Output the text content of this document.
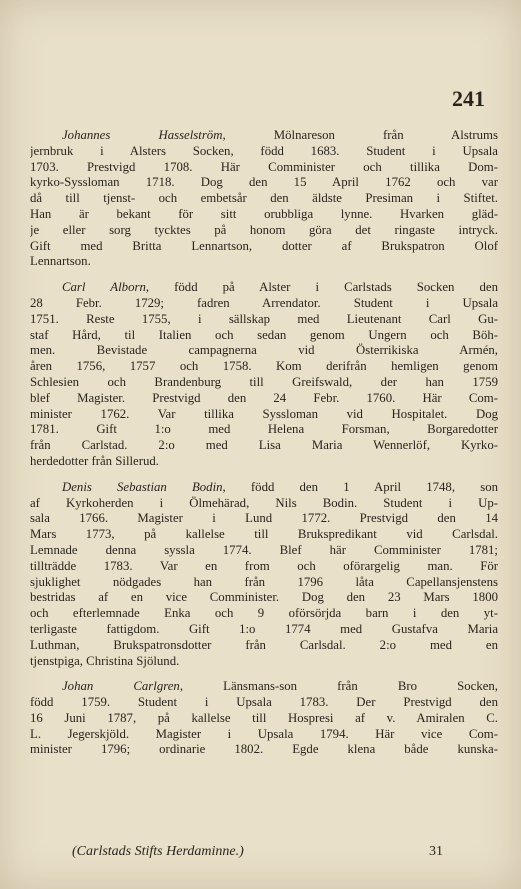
241
Johannes Hasselström, Mölnareson från Alstrums
jernbruk i Alsters Socken, född 1683. Student i Upsala
1703. Prestvigd 1708. Här Comminister och tillika Dom-
kyrko-Syssloman 1718. Dog den 15 April 1762 och var
då till tjenst- och embetsår den äldste Presiman i Stiftet.
Han är bekant för sitt orubbliga lynne. Hvarken gläd-
je eller sorg tycktes på honom göra det ringaste intryck.
Gift med Britta Lennartson, dotter af Brukspatron Olof
Lennartson.
Carl Alborn, född på Alster i Carlstads Socken den
28 Febr. 1729; fadren Arrendator. Student i Upsala
1751. Reste 1755, i sällskap med Lieutenant Carl Gu-
staf Hård, til Italien och sedan genom Ungern och Böh-
men. Bevistade campagnerna vid Österrikiska Armén,
åren 1756, 1757 och 1758. Kom derifrån hemligen genom
Schlesien och Brandenburg till Greifswald, der han 1759
blef Magister. Prestvigd den 24 Febr. 1760. Här Com-
minister 1762. Var tillika Syssloman vid Hospitalet. Dog
1781. Gift 1:o med Helena Forsman, Borgaredotter
från Carlstad. 2:o med Lisa Maria Wennerlöf, Kyrko-
herdedotter från Sillerud.
Denis Sebastian Bodin, född den 1 April 1748, son
af Kyrkoherden i Ölmehärad, Nils Bodin. Student i Up-
sala 1766. Magister i Lund 1772. Prestvigd den 14
Mars 1773, på kallelse till Brukspredikant vid Carlsdal.
Lemnade denna syssla 1774. Blef här Comminister 1781;
tillträdde 1783. Var en from och oförargelig man. För
sjuklighet nödgades han från 1796 låta Capellansjenstens
bestridas af en vice Comminister. Dog den 23 Mars 1800
och efterlemnade Enka och 9 oförsörjda barn i den yt-
terligaste fattigdom. Gift 1:o 1774 med Gustafva Maria
Luthman, Brukspatronsdotter från Carlsdal. 2:o med en
tjenstpiga, Christina Sjölund.
Johan Carlgren, Länsmans-son från Bro Socken,
född 1759. Student i Upsala 1783. Der Prestvigd den
16 Juni 1787, på kallelse till Hospresi af v. Amiralen C.
L. Jegerskjöld. Magister i Upsala 1794. Här vice Com-
minister 1796; ordinarie 1802. Egde klena både kunska-
(Carlstads Stifts Herdaminne.)	31
